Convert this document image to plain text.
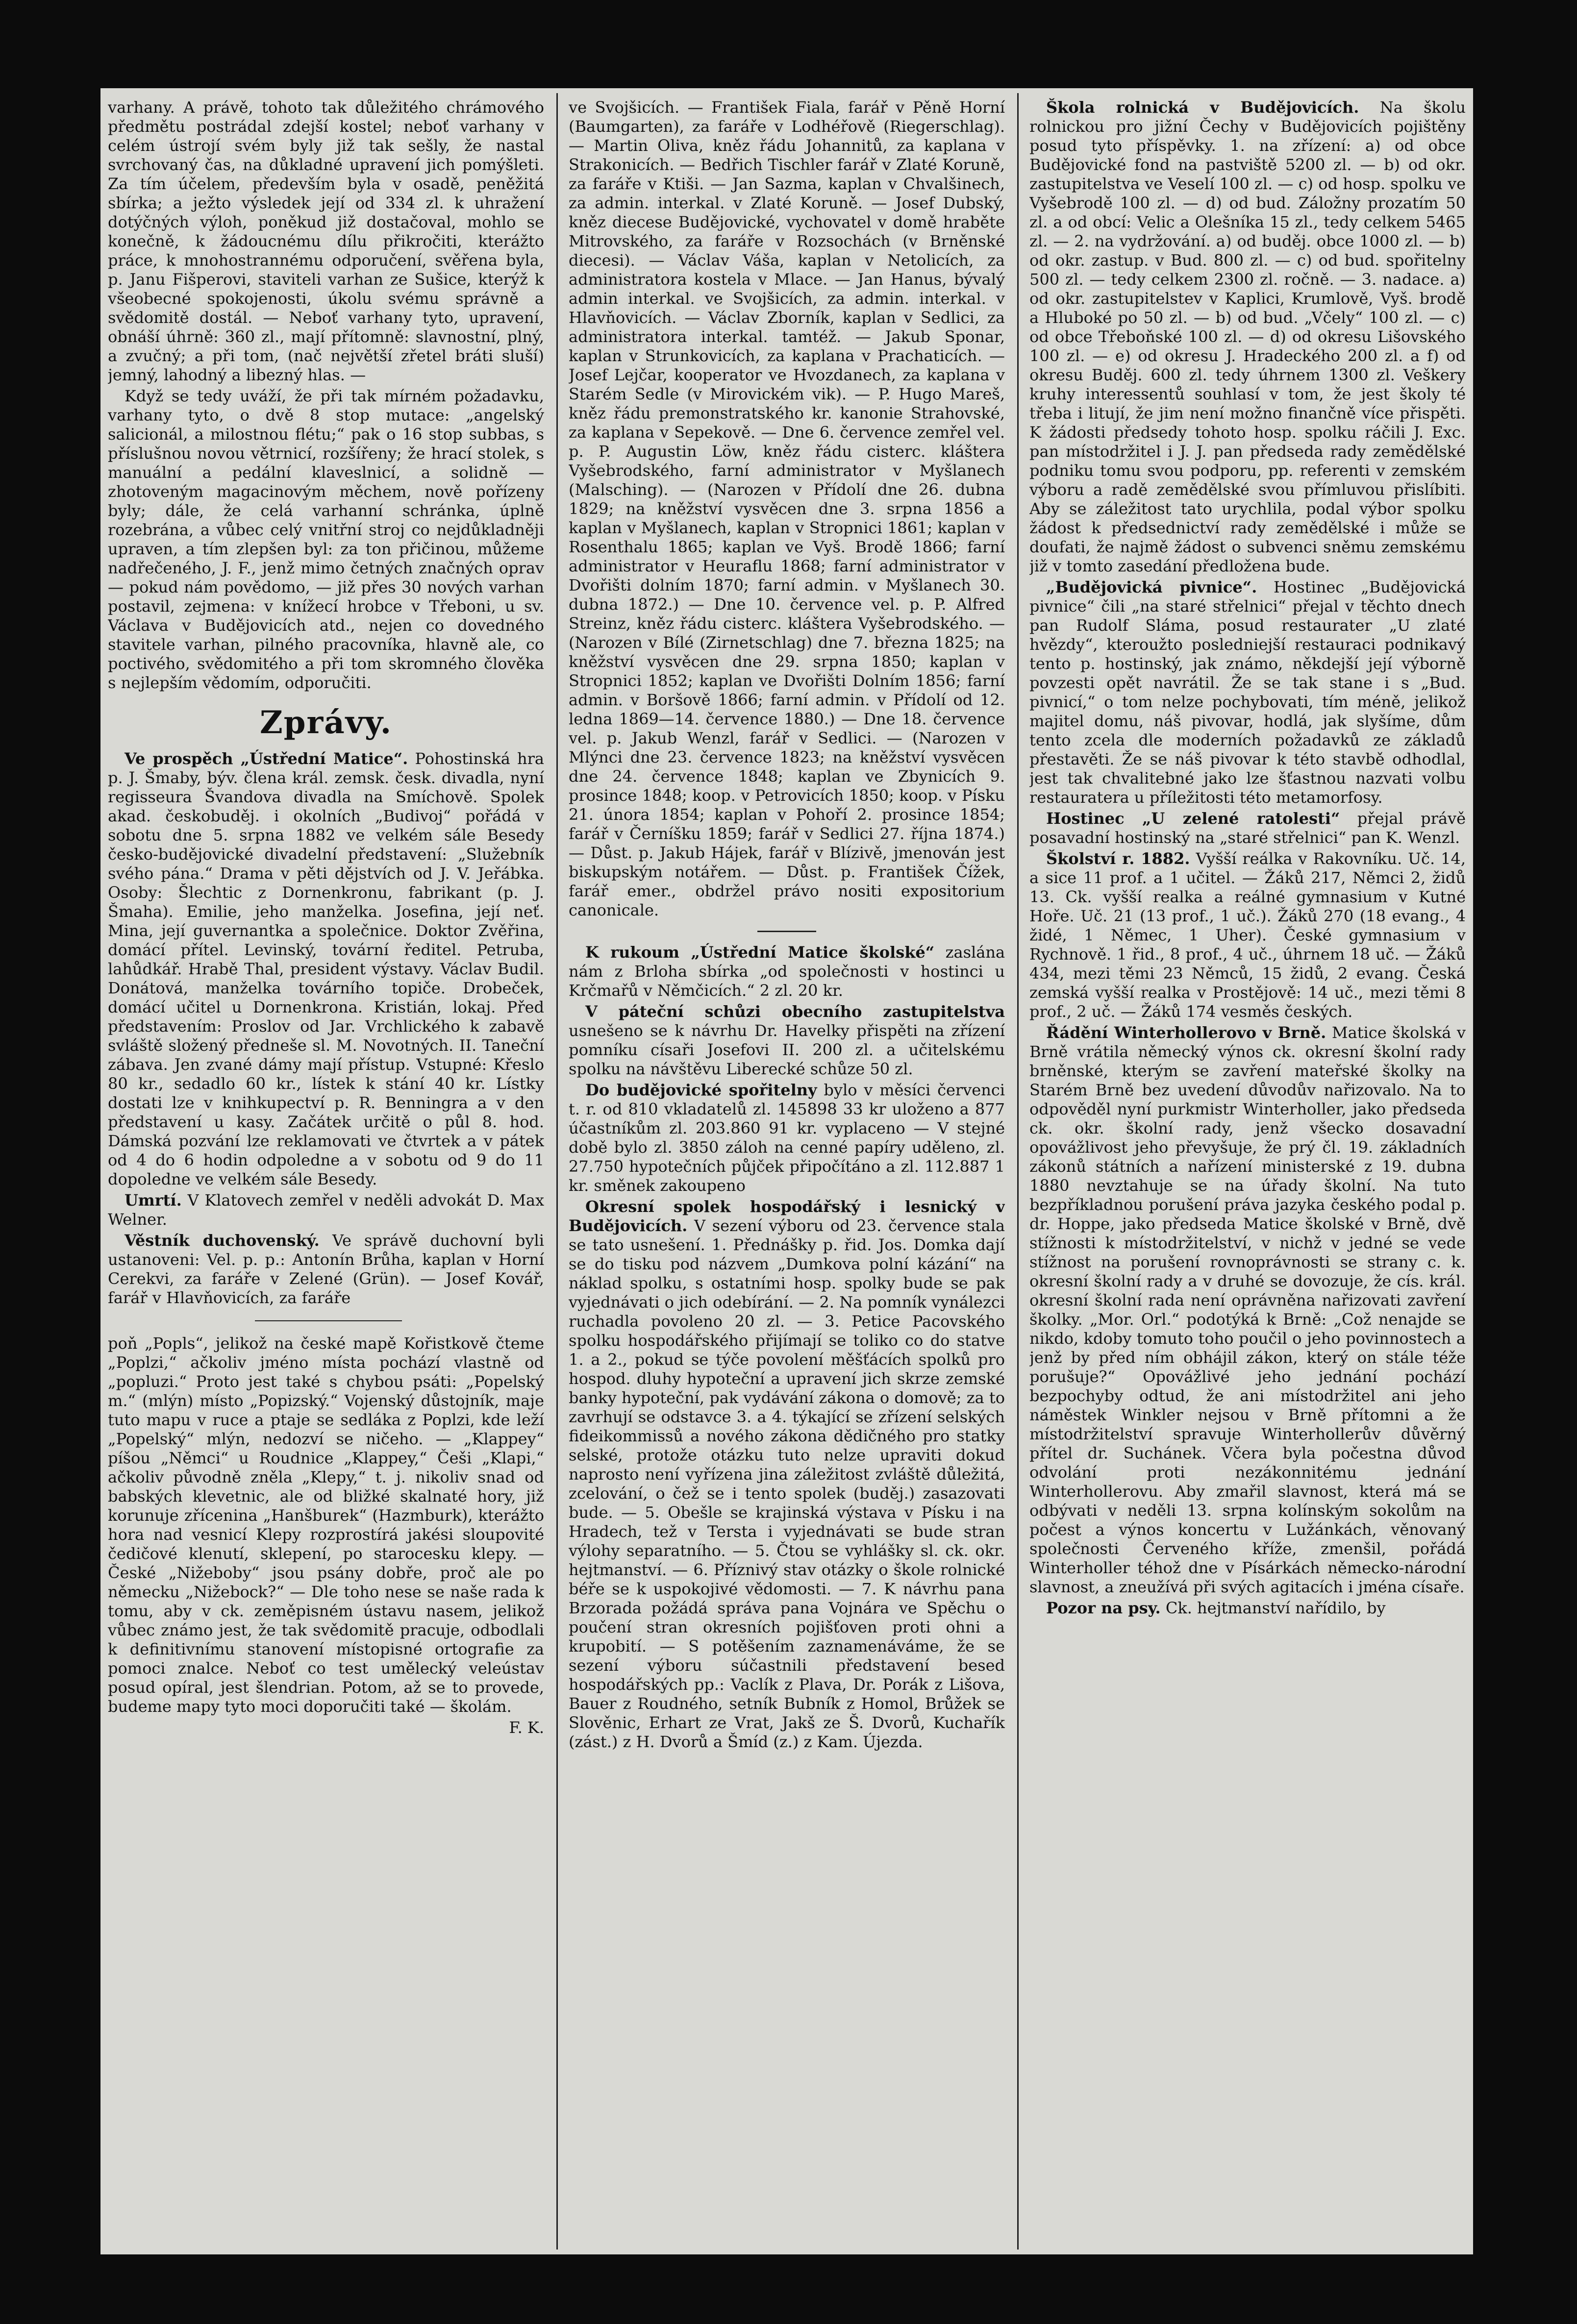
varhany. A právě, tohoto tak důležitého chrámového předmětu postrádal zdejší kostel; neboť varhany v celém ústrojí svém byly již tak sešly, že nastal svrchovaný čas, na důkladné upravení jich pomýšleti. Za tím účelem, především byla v osadě, peněžitá sbírka; a ježto výsledek její od 334 zl. k uhražení dotýčných výloh, poněkud již dostačoval, mohlo se konečně, k žádoucnému dílu přikročiti, kterážto práce, k mnohostrannému odporučení, svěřena byla, p. Janu Fišperovi, staviteli varhan ze Sušice, kterýž k všeobecné spokojenosti, úkolu svému správně a svědomitě dostál. — Neboť varhany tyto, upravení, obnáší úhrně: 360 zl., mají přítomně: slavnostní, plný, a zvučný; a při tom, (nač největší zřetel bráti sluší) jemný, lahodný a libezný hlas. —

Když se tedy uváží, že při tak mírném požadavku, varhany tyto, o dvě 8 stop mutace: „angelský salicionál, a milostnou flétu;“ pak o 16 stop subbas, s příslušnou novou větrnicí, rozšířeny; že hrací stolek, s manuální a pedální klaveslnicí, a solidně — zhotoveným magacinovým měchem, nově pořízeny byly; dále, že celá varhanní schránka, úplně rozebrána, a vůbec celý vnitřní stroj co nejdůkladněji upraven, a tím zlepšen byl: za ton přičinou, můžeme nadřečeného, J. F., jenž mimo četných značných oprav — pokud nám povědomo, — již přes 30 nových varhan postavil, zejmena: v knížecí hrobce v Třeboni, u sv. Václava v Budějovicích atd., nejen co dovedného stavitele varhan, pilného pracovníka, hlavně ale, co poctivého, svědomitého a při tom skromného člověka s nejlepším vědomím, odporučiti.

Zprávy.

Ve prospěch „Ústřední Matice“. Pohostinská hra p. J. Šmaby, býv. člena král. zemsk. česk. divadla, nyní regisseura Švandova divadla na Smíchově. Spolek akad. českobuděj. i okolních „Budivoj“ pořádá v sobotu dne 5. srpna 1882 ve velkém sále Besedy česko-budějovické divadelní představení: „Služebník svého pána.“ Drama v pěti dějstvích od J. V. Jeřábka. Osoby: Šlechtic z Dornenkronu, fabrikant (p. J. Šmaha). Emilie, jeho manželka. Josefina, její neť. Mina, její guvernantka a společnice. Doktor Zvěřina, domácí přítel. Levinský, tovární ředitel. Petruba, lahůdkář. Hrabě Thal, president výstavy. Václav Budil. Donátová, manželka továrního topiče. Drobeček, domácí učitel u Dornenkrona. Kristián, lokaj. Před představením: Proslov od Jar. Vrchlického k zabavě svláště složený předneše sl. M. Novotných. II. Taneční zábava. Jen zvané dámy mají přístup. Vstupné: Křeslo 80 kr., sedadlo 60 kr., lístek k stání 40 kr. Lístky dostati lze v knihkupectví p. R. Benningra a v den představení u kasy. Začátek určitě o půl 8. hod. Dámská pozvání lze reklamovati ve čtvrtek a v pátek od 4 do 6 hodin odpoledne a v sobotu od 9 do 11 dopoledne ve velkém sále Besedy.

Umrtí. V Klatovech zemřel v neděli advokát D. Max Welner.

Věstník duchovenský. Ve správě duchovní byli ustanoveni: Vel. p. p.: Antonín Brůha, kaplan v Horní Cerekvi, za faráře v Zelené (Grün). — Josef Kovář, farář v Hlavňovicích, za faráře

poň „Popls“, jelikož na české mapě Kořistkově čteme „Poplzi,“ ačkoliv jméno místa pochází vlastně od „popluzi.“ Proto jest také s chybou psáti: „Popelský m.“ (mlýn) místo „Popizský.“ Vojenský důstojník, maje tuto mapu v ruce a ptaje se sedláka z Poplzi, kde leží „Popelský“ mlýn, nedozví se ničeho. — „Klappey“ píšou „Němci“ u Roudnice „Klappey,“ Češi „Klapi,“ ačkoliv původně zněla „Klepy,“ t. j. nikoliv snad od babských klevetnic, ale od bližké skalnaté hory, již korunuje zřícenina „Hanšburek“ (Hazmburk), kterážto hora nad vesnicí Klepy rozprostírá jakési sloupovité čedičové klenutí, sklepení, po starocesku klepy. — České „Nižeboby“ jsou psány dobře, proč ale po německu „Nižebock?“ — Dle toho nese se naše rada k tomu, aby v ck. zeměpisném ústavu nasem, jelikož vůbec známo jest, že tak svědomitě pracuje, odbodlali k definitivnímu stanovení místopisné ortografie za pomoci znalce. Neboť co test umělecký veleústav posud opíral, jest šlendrian. Potom, až se to provede, budeme mapy tyto moci doporučiti také — školám.

F. K.

ve Svojšicích. — František Fiala, farář v Pěně Horní (Baumgarten), za faráře v Lodhéřově (Riegerschlag). — Martin Oliva, kněz řádu Johannitů, za kaplana v Strakonicích. — Bedřich Tischler farář v Zlaté Koruně, za faráře v Ktiši. — Jan Sazma, kaplan v Chvalšinech, za admin. interkal. v Zlaté Koruně. — Josef Dubský, kněz diecese Budějovické, vychovatel v domě hraběte Mitrovského, za faráře v Rozsochách (v Brněnské diecesi). — Václav Váša, kaplan v Netolicích, za administratora kostela v Mlace. — Jan Hanus, bývalý admin interkal. ve Svojšicích, za admin. interkal. v Hlavňovicích. — Václav Zborník, kaplan v Sedlici, za administratora interkal. tamtéž. — Jakub Sponar, kaplan v Strunkovicích, za kaplana v Prachaticích. — Josef Lejčar, kooperator ve Hvozdanech, za kaplana v Starém Sedle (v Mirovickém vik). — P. Hugo Mareš, kněz řádu premonstratského kr. kanonie Strahovské, za kaplana v Sepekově. — Dne 6. července zemřel vel. p. P. Augustin Löw, kněz řádu cisterc. kláštera Vyšebrodského, farní administrator v Myšlanech (Malsching). — (Narozen v Přídolí dne 26. dubna 1829; na kněžství vysvěcen dne 3. srpna 1856 a kaplan v Myšlanech, kaplan v Stropnici 1861; kaplan v Rosenthalu 1865; kaplan ve Vyš. Brodě 1866; farní administrator v Heuraflu 1868; farní administrator v Dvořišti dolním 1870; farní admin. v Myšlanech 30. dubna 1872.) — Dne 10. července vel. p. P. Alfred Streinz, kněz řádu cisterc. kláštera Vyšebrodského. — (Narozen v Bílé (Zirnetschlag) dne 7. března 1825; na kněžství vysvěcen dne 29. srpna 1850; kaplan v Stropnici 1852; kaplan ve Dvořišti Dolním 1856; farní admin. v Boršově 1866; farní admin. v Přídolí od 12. ledna 1869—14. července 1880.) — Dne 18. července vel. p. Jakub Wenzl, farář v Sedlici. — (Narozen v Mlýnci dne 23. července 1823; na kněžství vysvěcen dne 24. července 1848; kaplan ve Zbynicích 9. prosince 1848; koop. v Petrovicích 1850; koop. v Písku 21. února 1854; kaplan v Pohoří 2. prosince 1854; farář v Černíšku 1859; farář v Sedlici 27. října 1874.) — Důst. p. Jakub Hájek, farář v Blízivě, jmenován jest biskupským notářem. — Důst. p. František Čížek, farář emer., obdržel právo nositi expositorium canonicale.

K rukoum „Ústřední Matice školské“ zaslána nám z Brloha sbírka „od společnosti v hostinci u Krčmařů v Němčicích.“ 2 zl. 20 kr.

V páteční schůzi obecního zastupitelstva usnešeno se k návrhu Dr. Havelky přispěti na zřízení pomníku císaři Josefovi II. 200 zl. a učitelskému spolku na návštěvu Liberecké schůze 50 zl.

Do budějovické spořitelny bylo v měsíci červenci t. r. od 810 vkladatelů zl. 145898 33 kr uloženo a 877 účastníkům zl. 203.860 91 kr. vyplaceno — V stejné době bylo zl. 3850 záloh na cenné papíry uděleno, zl. 27.750 hypotečních půjček připočítáno a zl. 112.887 1 kr. směnek zakoupeno

Okresní spolek hospodářský i lesnický v Budějovicích. V sezení výboru od 23. července stala se tato usnešení. 1. Přednášky p. řid. Jos. Domka dají se do tisku pod názvem „Dumkova polní kázání“ na náklad spolku, s ostatními hosp. spolky bude se pak vyjednávati o jich odebírání. — 2. Na pomník vynálezci ruchadla povoleno 20 zl. — 3. Petice Pacovského spolku hospodářského přijímají se toliko co do statve 1. a 2., pokud se týče povolení měšťácích spolků pro hospod. dluhy hypoteční a upravení jich skrze zemské banky hypoteční, pak vydávání zákona o domově; za to zavrhují se odstavce 3. a 4. týkající se zřízení selských fideikommissů a nového zákona dědičného pro statky selské, protože otázku tuto nelze upraviti dokud naprosto není vyřízena jina záležitost zvláště důležitá, zcelování, o čež se i tento spolek (buděj.) zasazovati bude. — 5. Obešle se krajinská výstava v Písku i na Hradech, tež v Tersta i vyjednávati se bude stran výlohy separatního. — 5. Čtou se vyhlášky sl. ck. okr. hejtmanství. — 6. Příznivý stav otázky o škole rolnické béře se k uspokojivé vědomosti. — 7. K návrhu pana Brzorada požádá správa pana Vojnára ve Spěchu o poučení stran okresních pojišťoven proti ohni a krupobití. — S potěšením zaznamenáváme, že se sezení výboru súčastnili představení besed hospodářských pp.: Vaclík z Plava, Dr. Porák z Lišova, Bauer z Roudného, setník Bubník z Homol, Brůžek se Slověnic, Erhart ze Vrat, Jakš ze Š. Dvorů, Kuchařík (zást.) z H. Dvorů a Šmíd (z.) z Kam. Újezda.

Škola rolnická v Budějovicích. Na školu rolnickou pro jižní Čechy v Budějovicích pojištěny posud tyto příspěvky. 1. na zřízení: a) od obce Budějovické fond na pastviště 5200 zl. — b) od okr. zastupitelstva ve Veselí 100 zl. — c) od hosp. spolku ve Vyšebrodě 100 zl. — d) od bud. Záložny prozatím 50 zl. a od obcí: Velic a Olešníka 15 zl., tedy celkem 5465 zl. — 2. na vydržování. a) od buděj. obce 1000 zl. — b) od okr. zastup. v Bud. 800 zl. — c) od bud. spořitelny 500 zl. — tedy celkem 2300 zl. ročně. — 3. nadace. a) od okr. zastupitelstev v Kaplici, Krumlově, Vyš. brodě a Hluboké po 50 zl. — b) od bud. „Včely“ 100 zl. — c) od obce Třeboňské 100 zl. — d) od okresu Lišovského 100 zl. — e) od okresu J. Hradeckého 200 zl. a f) od okresu Buděj. 600 zl. tedy úhrnem 1300 zl. Veškery kruhy interessentů souhlasí v tom, že jest školy té třeba i litují, že jim není možno finančně více přispěti. K žádosti předsedy tohoto hosp. spolku ráčili J. Exc. pan místodržitel i J. J. pan předseda rady zemědělské podniku tomu svou podporu, pp. referenti v zemském výboru a radě zemědělské svou přímluvou přislíbiti. Aby se záležitost tato urychlila, podal výbor spolku žádost k předsednictví rady zemědělské i může se doufati, že najmě žádost o subvenci sněmu zemskému již v tomto zasedání předložena bude.

„Budějovická pivnice“. Hostinec „Budějovická pivnice“ čili „na staré střelnici“ přejal v těchto dnech pan Rudolf Sláma, posud restaurater „U zlaté hvězdy“, kteroužto posledniejší restauraci podnikavý tento p. hostinský, jak známo, někdejší její výborně povzesti opět navrátil. Že se tak stane i s „Bud. pivnicí,“ o tom nelze pochybovati, tím méně, jelikož majitel domu, náš pivovar, hodlá, jak slyšíme, dům tento zcela dle moderních požadavků ze základů přestavěti. Že se náš pivovar k této stavbě odhodlal, jest tak chvalitebné jako lze šťastnou nazvati volbu restauratera u příležitosti této metamorfosy.

Hostinec „U zelené ratolesti“ přejal právě posavadní hostinský na „staré střelnici“ pan K. Wenzl.

Školství r. 1882. Vyšší reálka v Rakovníku. Uč. 14, a sice 11 prof. a 1 učitel. — Žáků 217, Němci 2, židů 13. Ck. vyšší realka a reálné gymnasium v Kutné Hoře. Uč. 21 (13 prof., 1 uč.). Žáků 270 (18 evang., 4 židé, 1 Němec, 1 Uher). České gymnasium v Rychnově. 1 řid., 8 prof., 4 uč., úhrnem 18 uč. — Žáků 434, mezi těmi 23 Němců, 15 židů, 2 evang. Česká zemská vyšší realka v Prostějově: 14 uč., mezi těmi 8 prof., 2 uč. — Žáků 174 vesměs českých.

Řádění Winterhollerovo v Brně. Matice školská v Brně vrátila německý výnos ck. okresní školní rady brněnské, kterým se zavření mateřské školky na Starém Brně bez uvedení důvodův nařizovalo. Na to odpověděl nyní purkmistr Winterholler, jako předseda ck. okr. školní rady, jenž všecko dosavadní opovážlivost jeho převyšuje, že prý čl. 19. základních zákonů státních a nařízení ministerské z 19. dubna 1880 nevztahuje se na úřady školní. Na tuto bezpříkladnou porušení práva jazyka českého podal p. dr. Hoppe, jako předseda Matice školské v Brně, dvě stížnosti k místodržitelství, v nichž v jedné se vede stížnost na porušení rovnoprávnosti se strany c. k. okresní školní rady a v druhé se dovozuje, že cís. král. okresní školní rada není oprávněna nařizovati zavření školky. „Mor. Orl.“ podotýká k Brně: „Což nenajde se nikdo, kdoby tomuto toho poučil o jeho povinnostech a jenž by před ním obhájil zákon, který on stále téže porušuje?“ Opovážlivé jeho jednání pochází bezpochyby odtud, že ani místodržitel ani jeho náměstek Winkler nejsou v Brně přítomni a že místodržitelství spravuje Winterhollerův důvěrný přítel dr. Suchánek. Včera byla počestna důvod odvolání proti nezákonnitému jednání Winterhollerovu. Aby zmařil slavnost, která má se odbývati v neděli 13. srpna kolínským sokolům na počest a výnos koncertu v Lužánkách, věnovaný společnosti Červeného kříže, zmenšil, pořádá Winterholler téhož dne v Písárkách německo-národní slavnost, a zneužívá při svých agitacích i jména císaře.

Pozor na psy. Ck. hejtmanství nařídilo, by
